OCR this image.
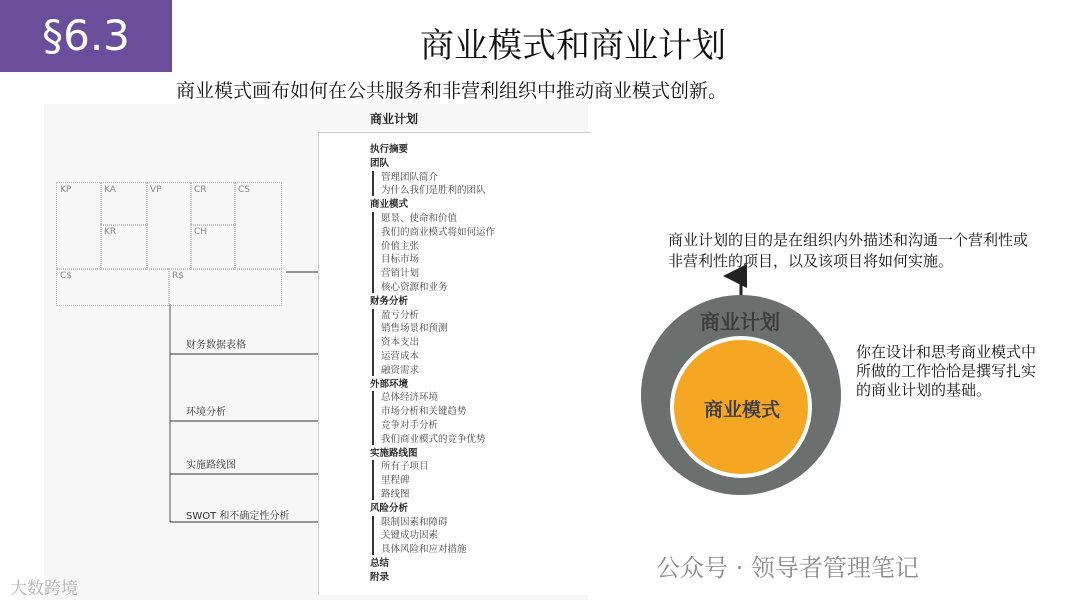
§6.3	商业模式和商业计划
商业模式画布如何在公共服务和非营利组织中推动商业模式创新。
KP	KA	VP	CR	CS
KR	CH
C$	R$
财务数据表格
环境分析
实施路线图
SWOT 和不确定性分析
商业计划
执行摘要
团队
管理团队简介
为什么我们是胜利的团队
商业模式
愿景、使命和价值
我们的商业模式将如何运作
价值主张
目标市场
营销计划
核心资源和业务
财务分析
盈亏分析
销售场景和预测
资本支出
运营成本
融资需求
外部环境
总体经济环境
市场分析和关键趋势
竞争对手分析
我们商业模式的竞争优势
实施路线图
所有子项目
里程碑
路线图
风险分析
限制因素和障碍
关键成功因素
具体风险和应对措施
总结
附录
商业计划的目的是在组织内外描述和沟通一个营利性或非营利性的项目，以及该项目将如何实施。
商业计划
商业模式
你在设计和思考商业模式中所做的工作恰恰是撰写扎实的商业计划的基础。
公众号 · 领导者管理笔记
大数跨境
